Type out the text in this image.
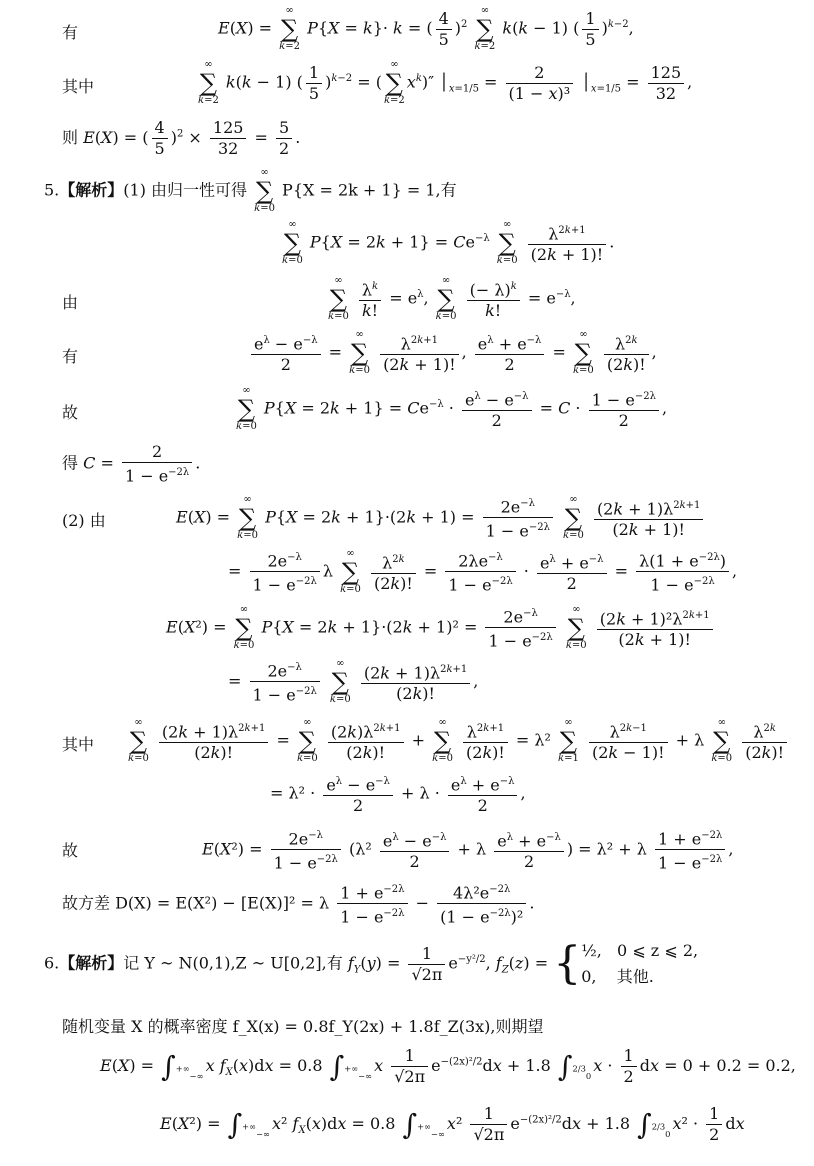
有	E(X) = ∞
∑
k=2 P{X = k}· k = ( $\frac{4}{5} )^2$ ∞
∑
k=2 k(k − 1) ( $\frac{1}{5} )^{k-2}$,
其中
∞
∑
k=2 k(k − 1) ( $\frac{1}{5} )^{k-2}$ = (∞
∑
$k=2x^k)''$ $│_{x=1/5} = \frac{2}{\text{(1 − x)³}}$ $│_{x=1/5} = \frac{125}{32}$ ,
则 E(X) = ( $\frac{4}{5} )^2 \times \frac{125}{32} = \frac{5}{2}$ .
5.【解析】(1) 由归一性可得 ∞
∑
k=0 P{X = 2k + 1} = 1,有
∞
∑
k=0 $P\{X = 2k + 1\} = Ce^{-\lambda}$ ∞
∑
$k=0 \frac{\lambda^{2k+1}}{(2k + 1)!}$ .
由
∞
∑
$k=0 \frac{\lambda^k}{k!} = e^\lambda$, ∞
∑
$k=0 \frac{(- \lambda)^k}{k!} = e^{-\lambda}$,
有	$\frac{e^\lambda - e^{-\lambda}}{2}$ = ∞
∑
$k=0 \frac{\lambda^{2k+1}}{(2k + 1)!}$ , $\frac{e^\lambda + e^{-\lambda}}{2}$ = ∞
∑
$k=0 \frac{\lambda^{2k}}{(2k)!}$ ,
故
∞
∑
k=0 $P\{X = 2k + 1\} = Ce^{-\lambda} \cdot \frac{e^\lambda - e^{-\lambda}}{2} = C \cdot \frac{1 - e^{-2\lambda}}{2}$ ,
得 $C = \frac{2}{1 - e^{-2\lambda}}$ .
(2) 由	E(X) = ∞
∑
k=0 $P\{X = 2k + 1\}\cdot(2k + 1) = \frac{2e^{-\lambda}}{1 - e^{-2\lambda}}$ ∞
∑
$k=0 \frac{(2k + 1)\lambda^{2k+1}}{(2k + 1)!}$
= $\frac{2e^{-\lambda}}{1 - e^{-2\lambda}}$ λ ∞
∑
$k=0 \frac{\lambda^{2k}}{(2k)!} = \frac{2\lambda e^{-\lambda}}{1 - e^{-2\lambda}} \cdot \frac{e^\lambda + e^{-\lambda}}{2} = \frac{\lambda(1 + e^{-2\lambda})}{1 - e^{-2\lambda}}$ ,
E(X²) = ∞
∑
k=0 $P\{X = 2k + 1\}\cdot(2k + 1)^2 = \frac{2e^{-\lambda}}{1 - e^{-2\lambda}}$ ∞
∑
$k=0 \frac{(2k + 1)^2\lambda^{2k+1}}{(2k + 1)!}$
= $\frac{2e^{-\lambda}}{1 - e^{-2\lambda}}$ ∞
∑
$k=0 \frac{(2k + 1)\lambda^{2k+1}}{(2k)!}$ ,
其中
∞
∑
$k=0 \frac{(2k + 1)\lambda^{2k+1}}{(2k)!}$ = ∞
∑
$k=0 \frac{(2k)\lambda^{2k+1}}{(2k)!}$ + ∞
∑
$k=0 \frac{\lambda^{2k+1}}{(2k)!} = \lambda^2$ ∞
∑
$k=1 \frac{\lambda^{2k-1}}{(2k - 1)!} + \lambda$ ∞
∑
$k=0 \frac{\lambda^{2k}}{(2k)!}$
= $\lambda^2 \cdot \frac{e^\lambda - e^{-\lambda}}{2} + \lambda \cdot \frac{e^\lambda + e^{-\lambda}}{2}$ ,
故	$E(X^2) = \frac{2e^{-\lambda}}{1 - e^{-2\lambda}} (\lambda^2 \frac{e^\lambda - e^{-\lambda}}{2} + \lambda \frac{e^\lambda + e^{-\lambda}}{2}$ ) = λ² + λ $\frac{1 + e^{-2\lambda}}{1 - e^{-2\lambda}}$ ,
故方差 D(X) = E(X²) − [E(X)]² = λ $\frac{1 + e^{-2\lambda}}{1 - e^{-2\lambda}} - \frac{4\lambda^2e^{-2\lambda}}{(1 - e^{-2\lambda})^2}$ .
6.【解析】记 Y ~ N(0,1),Z ~ U[0,2],有 $f_Y(y) = \frac{1}{√2\pi} e^{-y^2/2}$, $f_Z(z)$ = {½,   0 ⩽ z ⩽ 2,
0,    其他.
随机变量 X 的概率密度 f_X(x) = 0.8f_Y(2x) + 1.8f_Z(3x),则期望
$E(X) = \int^{+\infty}_{-\infty}x$ $f_X(x)dx = 0.8$ $\int^{+\infty}_{-\infty}x \frac{1}{√2\pi} e^{-(2x)^2/2}dx + 1.8$ $\int^{2/3}_0x \cdot \frac{1}{2}$ dx = 0 + 0.2 = 0.2,
$E(X^2) = \int^{+\infty}_{-\infty}x^2$ $f_X(x)dx = 0.8$ $\int^{+\infty}_{-\infty}x^2 \frac{1}{√2\pi} e^{-(2x)^2/2}dx + 1.8$ $\int^{2/3}_0x^2 \cdot \frac{1}{2}$ dx
